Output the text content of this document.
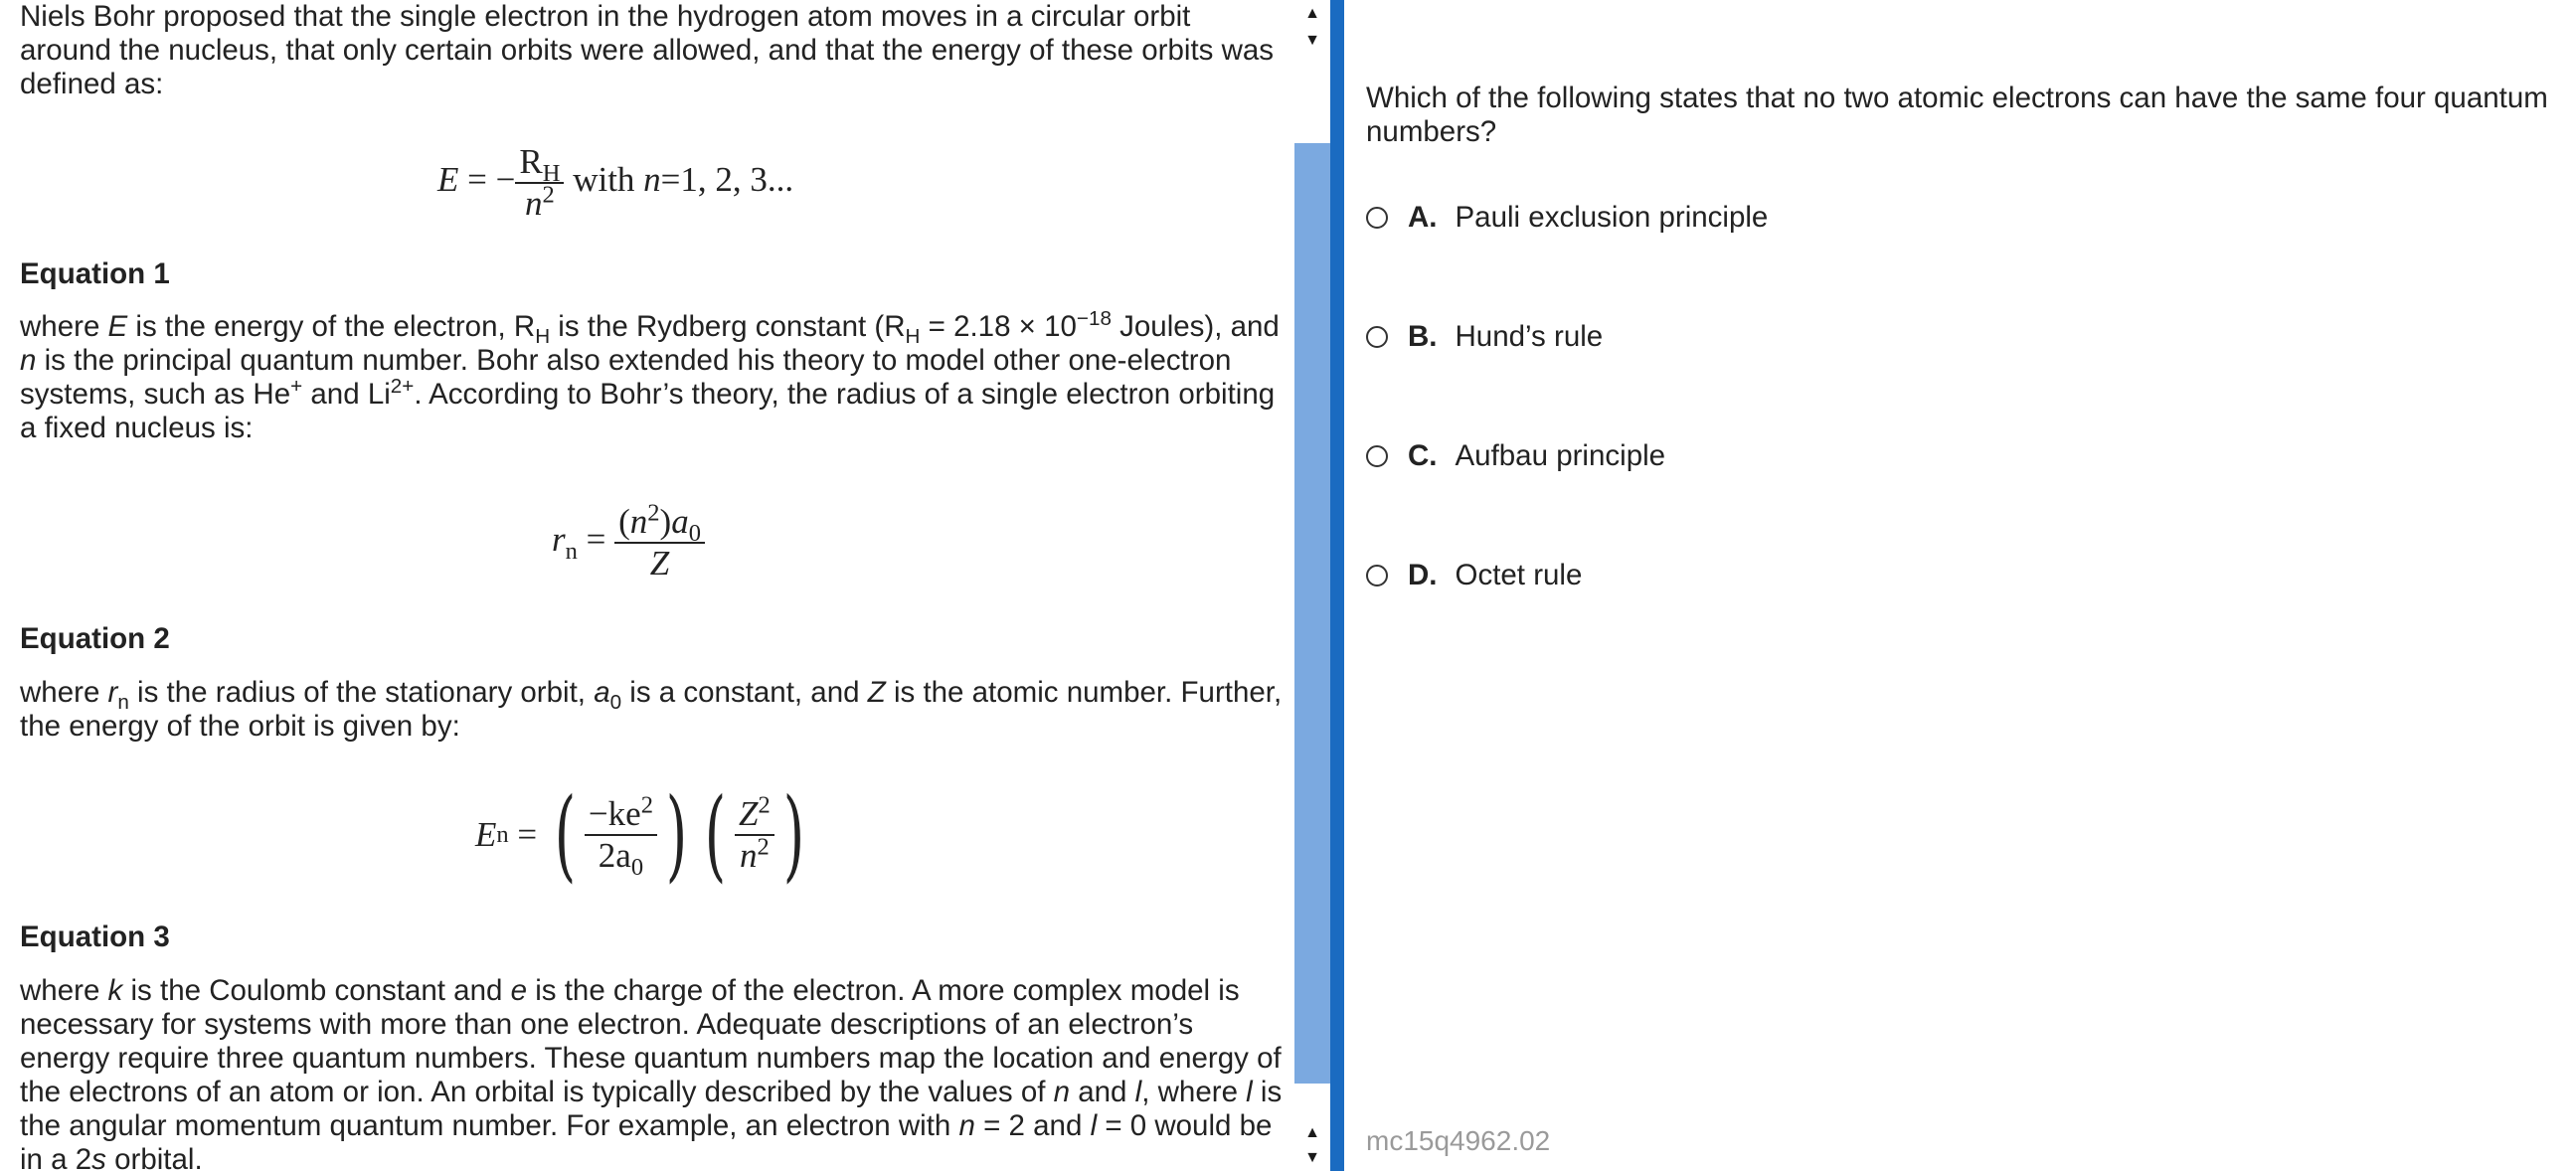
Niels Bohr proposed that the single electron in the hydrogen atom moves in a circular orbit around the nucleus, that only certain orbits were allowed, and that the energy of these orbits was defined as:
E = − $\frac{R_H}{n^2}$ with n=1, 2, 3...
Equation 1
where E is the energy of the electron, $R_H$ is the Rydberg constant ($R_H = 2.18 \times 10^{-18}$ Joules), and n is the principal quantum number. Bohr also extended his theory to model other one-electron systems, such as He+ and $Li^{2+}$. According to Bohr’s theory, the radius of a single electron orbiting a fixed nucleus is:
$r_n = \frac{(n^2)a_0}{Z}$
Equation 2
where $r_n$ is the radius of the stationary orbit, $a_0$ is a constant, and Z is the atomic number. Further, the energy of the orbit is given by:
E n = ( $\frac{-ke^2}{2a_0}$ ) ( $\frac{Z^2}{n^2}$ )
Equation 3
where k is the Coulomb constant and e is the charge of the electron. A more complex model is necessary for systems with more than one electron. Adequate descriptions of an electron’s energy require three quantum numbers. These quantum numbers map the location and energy of the electrons of an atom or ion. An orbital is typically described by the values of n and l, where l is the angular momentum quantum number. For example, an electron with n = 2 and l = 0 would be in a 2s orbital.
▲
▼
▲
▼
Which of the following states that no two atomic electrons can have the same four quantum numbers?
A. Pauli exclusion principle
B. Hund’s rule
C. Aufbau principle
D. Octet rule
mc15q4962.02
